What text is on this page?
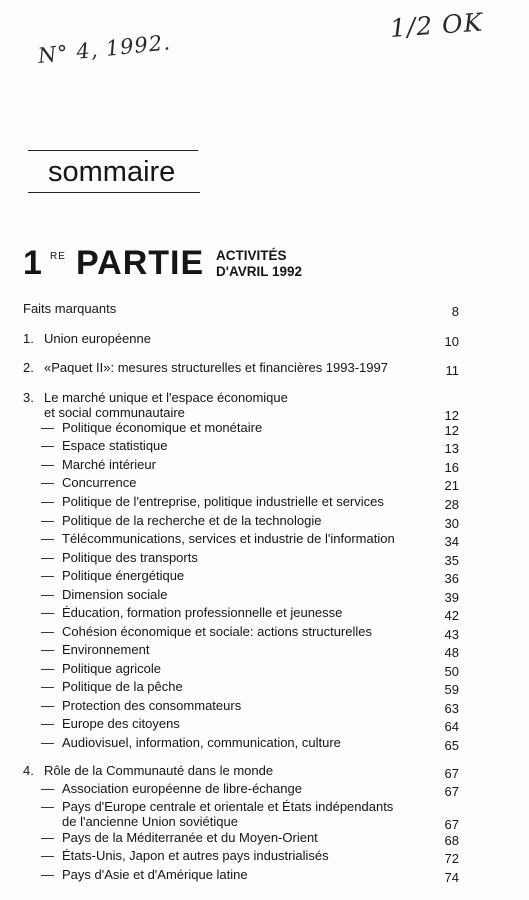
N° 4, 1992.
1/2 OK
sommaire
1 RE PARTIE ACTIVITÉS
D'AVRIL 1992
Faits marquants	8
1. Union européenne	10
2. «Paquet II»: mesures structurelles et financières 1993-1997	11
3. Le marché unique et l'espace économique
et social communautaire	12
— Politique économique et monétaire	12
— Espace statistique	13
— Marché intérieur	16
— Concurrence	21
— Politique de l'entreprise, politique industrielle et services	28
— Politique de la recherche et de la technologie	30
— Télécommunications, services et industrie de l'information	34
— Politique des transports	35
— Politique énergétique	36
— Dimension sociale	39
— Éducation, formation professionnelle et jeunesse	42
— Cohésion économique et sociale: actions structurelles	43
— Environnement	48
— Politique agricole	50
— Politique de la pêche	59
— Protection des consommateurs	63
— Europe des citoyens	64
— Audiovisuel, information, communication, culture	65
4. Rôle de la Communauté dans le monde	67
— Association européenne de libre-échange	67
— Pays d'Europe centrale et orientale et États indépendants
de l'ancienne Union soviétique	67
— Pays de la Méditerranée et du Moyen-Orient	68
— États-Unis, Japon et autres pays industrialisés	72
— Pays d'Asie et d'Amérique latine	74
